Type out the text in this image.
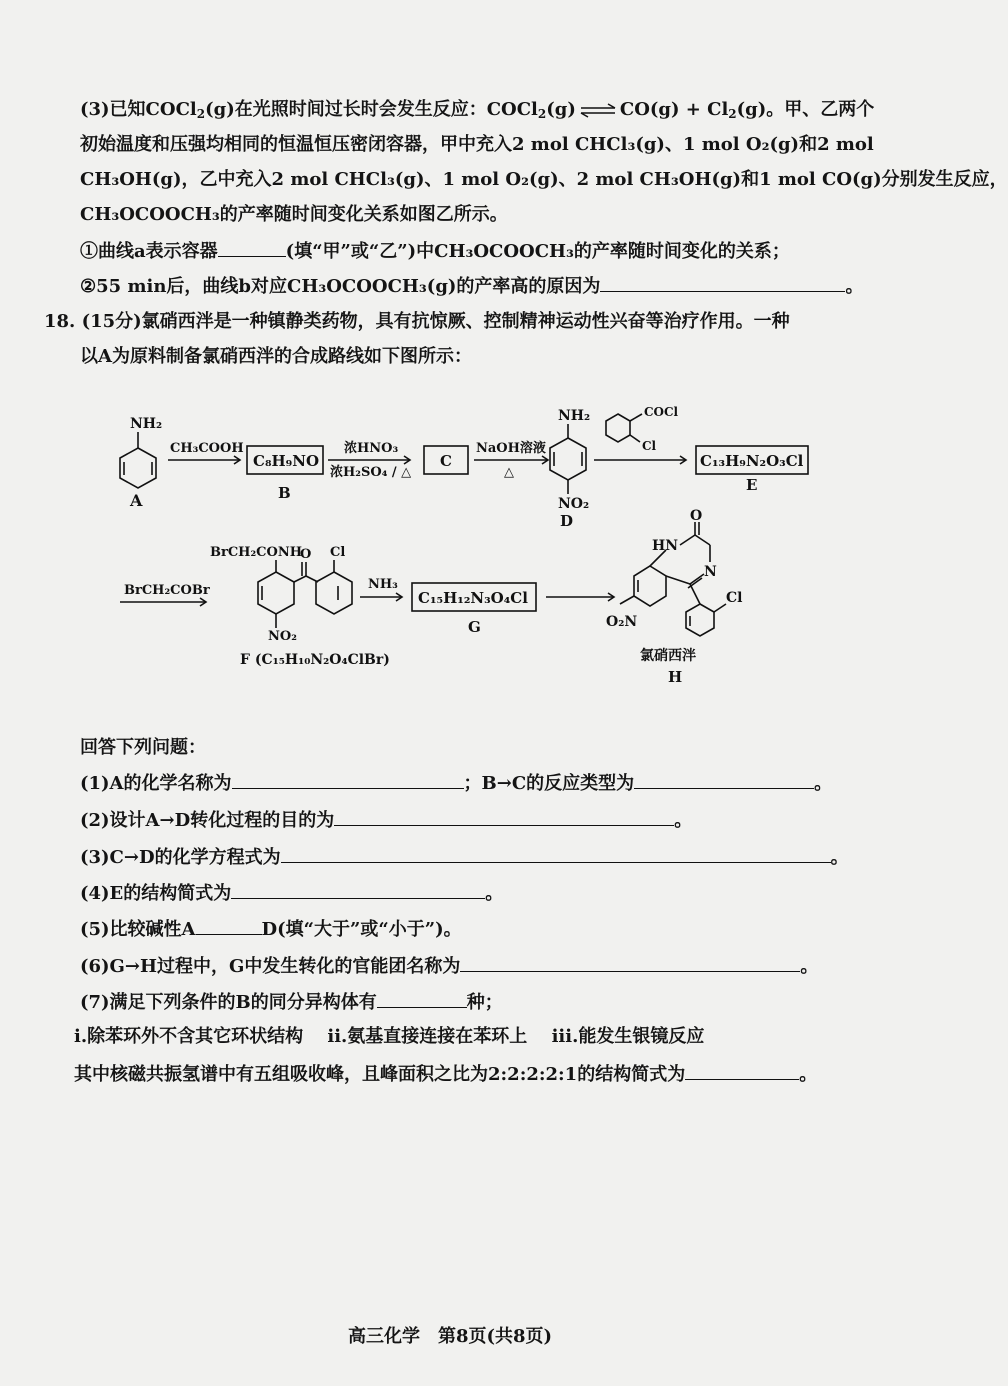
(3)已知COCl$_2$(g)在光照时间过长时会发生反应：COCl$_2$(g) ⇌ $CO(g) + Cl_2(g)$。甲、乙两个
初始温度和压强均相同的恒温恒压密闭容器，甲中充入2 mol CHCl₃(g)、1 mol O₂(g)和2 mol
CH₃OH(g)，乙中充入2 mol CHCl₃(g)、1 mol O₂(g)、2 mol CH₃OH(g)和1 mol CO(g)分别发生反应，
CH₃OCOOCH₃的产率随时间变化关系如图乙所示。
①曲线a表示容器	(填“甲”或“乙”)中CH₃OCOOCH₃的产率随时间变化的关系；
②55 min后，曲线b对应CH₃OCOOCH₃(g)的产率高的原因为	。
18. (15分)氯硝西泮是一种镇静类药物，具有抗惊厥、控制精神运动性兴奋等治疗作用。一种
以A为原料制备氯硝西泮的合成路线如下图所示：
NH₂
A
CH₃COOH
C₈H₉NO
B
浓HNO₃
浓H₂SO₄ / △
C
NaOH溶液
△
NH₂
NO₂
D
COCl
Cl
C₁₃H₉N₂O₃Cl
E
BrCH₂COBr
BrCH₂CONH
O Cl
NO₂
F (C₁₅H₁₀N₂O₄ClBr)
NH₃
C₁₅H₁₂N₃O₄Cl
G
O
HN
N
Cl
O₂N
氯硝西泮
H
回答下列问题：
(1)A的化学名称为	；B→C的反应类型为	。
(2)设计A→D转化过程的目的为	。
(3)C→D的化学方程式为	。
(4)E的结构简式为	。
(5)比较碱性A	D(填“大于”或“小于”)。
(6)G→H过程中，G中发生转化的官能团名称为	。
(7)满足下列条件的B的同分异构体有	种；
i.除苯环外不含其它环状结构　 ii.氨基直接连接在苯环上　 iii.能发生银镜反应
其中核磁共振氢谱中有五组吸收峰，且峰面积之比为2:2:2:2:1的结构简式为	。
高三化学　第8页(共8页)
